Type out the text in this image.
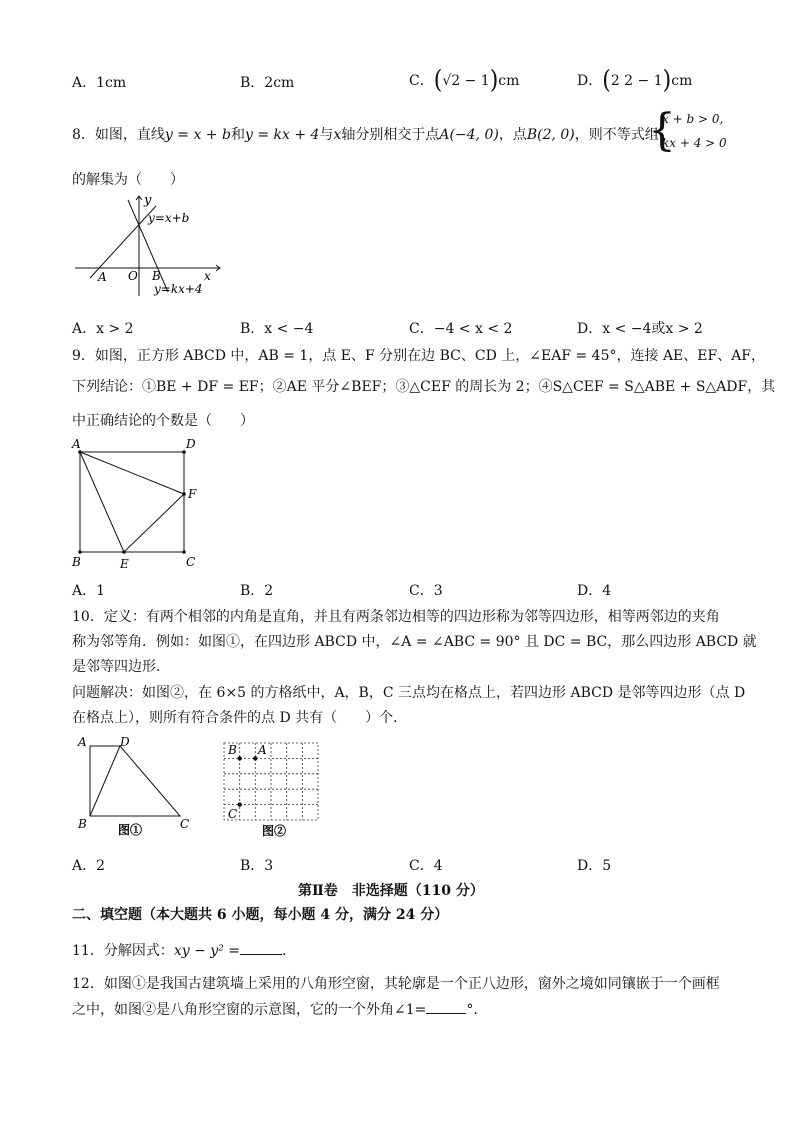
A．1cm	B．2cm	C．(√2 − 1)cm	D．(2 2 − 1)cm
8．如图，直线y = x + b和y = kx + 4与x轴分别相交于点A(−4, 0)，点B(2, 0)，则不等式组
{
x + b > 0,
kx + 4 > 0
的解集为（　　）
y
y=x+b
A O B	x
y=kx+4
A．x > 2	B．x < −4	C．−4 < x < 2	D．x < −4或x > 2
9．如图，正方形 ABCD 中，AB = 1，点 E、F 分别在边 BC、CD 上，∠EAF = 45°，连接 AE、EF、AF，
下列结论：①BE + DF = EF；②AE 平分∠BEF；③△CEF 的周长为 2；④S△CEF = S△ABE + S△ADF，其
中正确结论的个数是（　　）
A	D
F
B	E	C
A．1	B．2	C．3	D．4
10．定义：有两个相邻的内角是直角，并且有两条邻边相等的四边形称为邻等四边形，相等两邻边的夹角
称为邻等角．例如：如图①，在四边形 ABCD 中，∠A = ∠ABC = 90° 且 DC = BC，那么四边形 ABCD 就
是邻等四边形．
问题解决：如图②，在 6×5 的方格纸中，A，B，C 三点均在格点上，若四边形 ABCD 是邻等四边形（点 D
在格点上），则所有符合条件的点 D 共有（　　）个．
A	D
B	C
图①
B A
C
图②
A．2	B．3	C．4	D．5
第Ⅱ卷　非选择题（110 分）
二、填空题（本大题共 6 小题，每小题 4 分，满分 24 分）
11．分解因式：xy − y² =	.
12．如图①是我国古建筑墙上采用的八角形空窗，其轮廓是一个正八边形，窗外之境如同镶嵌于一个画框
之中，如图②是八角形空窗的示意图，它的一个外角∠1=	°．
